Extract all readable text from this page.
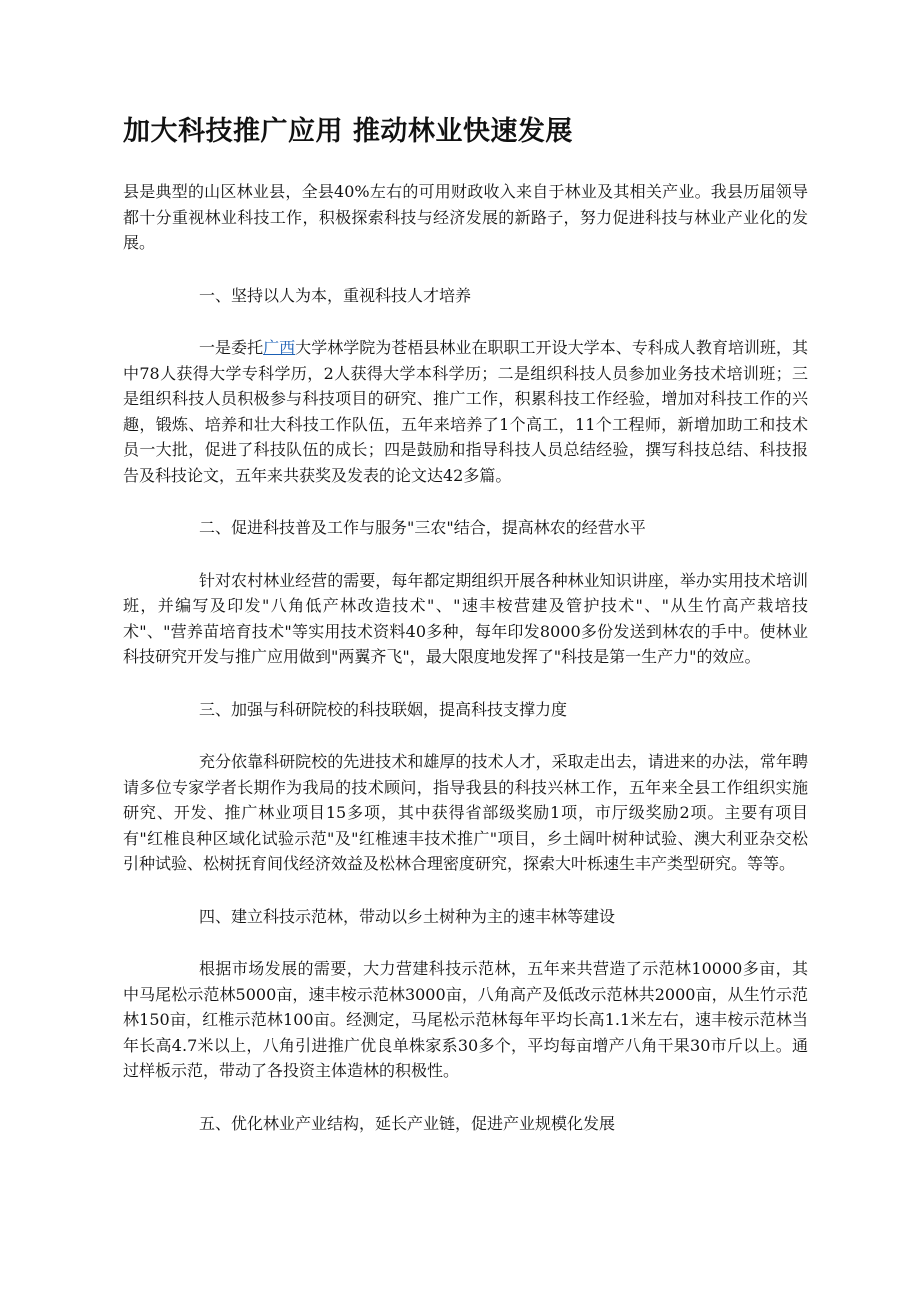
加大科技推广应用 推动林业快速发展

县是典型的山区林业县，全县40%左右的可用财政收入来自于林业及其相关产业。我县历届领导都十分重视林业科技工作，积极探索科技与经济发展的新路子，努力促进科技与林业产业化的发展。

一、坚持以人为本，重视科技人才培养

一是委托广西大学林学院为苍梧县林业在职职工开设大学本、专科成人教育培训班，其中78人获得大学专科学历，2人获得大学本科学历；二是组织科技人员参加业务技术培训班；三是组织科技人员积极参与科技项目的研究、推广工作，积累科技工作经验，增加对科技工作的兴趣，锻炼、培养和壮大科技工作队伍，五年来培养了1个高工，11个工程师，新增加助工和技术员一大批，促进了科技队伍的成长；四是鼓励和指导科技人员总结经验，撰写科技总结、科技报告及科技论文，五年来共获奖及发表的论文达42多篇。

二、促进科技普及工作与服务"三农"结合，提高林农的经营水平

针对农村林业经营的需要，每年都定期组织开展各种林业知识讲座，举办实用技术培训班，并编写及印发"八角低产林改造技术"、"速丰桉营建及管护技术"、"从生竹高产栽培技术"、"营养苗培育技术"等实用技术资料40多种，每年印发8000多份发送到林农的手中。使林业科技研究开发与推广应用做到"两翼齐飞"，最大限度地发挥了"科技是第一生产力"的效应。

三、加强与科研院校的科技联姻，提高科技支撑力度

充分依靠科研院校的先进技术和雄厚的技术人才，采取走出去，请进来的办法，常年聘请多位专家学者长期作为我局的技术顾问，指导我县的科技兴林工作，五年来全县工作组织实施研究、开发、推广林业项目15多项，其中获得省部级奖励1项，市厅级奖励2项。主要有项目有"红椎良种区域化试验示范"及"红椎速丰技术推广"项目，乡土阔叶树种试验、澳大利亚杂交松引种试验、松树抚育间伐经济效益及松林合理密度研究，探索大叶栎速生丰产类型研究。等等。

四、建立科技示范林，带动以乡土树种为主的速丰林等建设

根据市场发展的需要，大力营建科技示范林，五年来共营造了示范林10000多亩，其中马尾松示范林5000亩，速丰桉示范林3000亩，八角高产及低改示范林共2000亩，从生竹示范林150亩，红椎示范林100亩。经测定，马尾松示范林每年平均长高1.1米左右，速丰桉示范林当年长高4.7米以上，八角引进推广优良单株家系30多个，平均每亩增产八角干果30市斤以上。通过样板示范，带动了各投资主体造林的积极性。

五、优化林业产业结构，延长产业链，促进产业规模化发展
